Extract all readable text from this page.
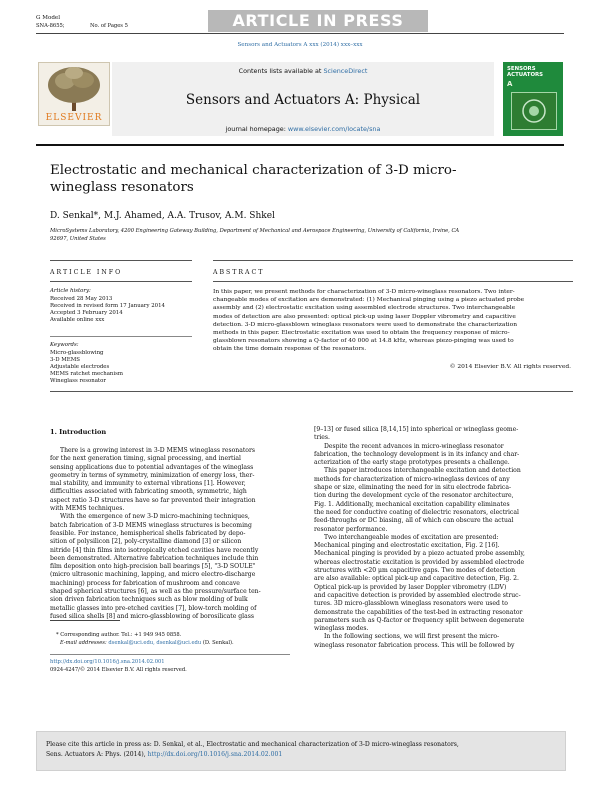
G Model
SNA-8655;	No. of Pages 5	ARTICLE IN PRESS
Sensors and Actuators A xxx (2014) xxx–xxx
ELSEVIER
Contents lists available at ScienceDirect
Sensors and Actuators A: Physical
journal homepage: www.elsevier.com/locate/sna
SENSORS ACTUATORS
A
Electrostatic and mechanical characterization of 3-D micro-wineglass resonators
D. Senkal*, M.J. Ahamed, A.A. Trusov, A.M. Shkel
MicroSystems Laboratory, 4200 Engineering Gateway Building, Department of Mechanical and Aerospace Engineering, University of California, Irvine, CA
92697, United States
ARTICLE INFO
Article history:
Received 28 May 2013
Received in revised form 17 January 2014
Accepted 3 February 2014
Available online xxx
Keywords:
Micro-glassblowing
3-D MEMS
Adjustable electrodes
MEMS ratchet mechanism
Wineglass resonator
ABSTRACT
In this paper, we present methods for characterization of 3-D micro-wineglass resonators. Two inter-
changeable modes of excitation are demonstrated: (1) Mechanical pinging using a piezo actuated probe
assembly and (2) electrostatic excitation using assembled electrode structures. Two interchangeable
modes of detection are also presented: optical pick-up using laser Doppler vibrometry and capacitive
detection. 3-D micro-glassblown wineglass resonators were used to demonstrate the characterization
methods in this paper. Electrostatic excitation was used to obtain the frequency response of micro-
glassblown resonators showing a Q-factor of 40 000 at 14.8 kHz, whereas piezo-pinging was used to
obtain the time domain response of the resonators.
© 2014 Elsevier B.V. All rights reserved.
1. Introduction
There is a growing interest in 3-D MEMS wineglass resonators
for the next generation timing, signal processing, and inertial
sensing applications due to potential advantages of the wineglass
geometry in terms of symmetry, minimization of energy loss, ther-
mal stability, and immunity to external vibrations [1]. However,
difficulties associated with fabricating smooth, symmetric, high
aspect ratio 3-D structures have so far prevented their integration
with MEMS techniques.
With the emergence of new 3-D micro-machining techniques,
batch fabrication of 3-D MEMS wineglass structures is becoming
feasible. For instance, hemispherical shells fabricated by depo-
sition of polysilicon [2], poly-crystalline diamond [3] or silicon
nitride [4] thin films into isotropically etched cavities have recently
been demonstrated. Alternative fabrication techniques include thin
film deposition onto high-precision ball bearings [5], "3-D SOULE"
(micro ultrasonic machining, lapping, and micro electro-discharge
machining) process for fabrication of mushroom and concave
shaped spherical structures [6], as well as the pressure/surface ten-
sion driven fabrication techniques such as blow molding of bulk
metallic glasses into pre-etched cavities [7], blow-torch molding of
fused silica shells [8] and micro-glassblowing of borosilicate glass
[9–13] or fused silica [8,14,15] into spherical or wineglass geome-
tries.
Despite the recent advances in micro-wineglass resonator
fabrication, the technology development is in its infancy and char-
acterization of the early stage prototypes presents a challenge.
This paper introduces interchangeable excitation and detection
methods for characterization of micro-wineglass devices of any
shape or size, eliminating the need for in situ electrode fabrica-
tion during the development cycle of the resonator architecture,
Fig. 1. Additionally, mechanical excitation capability eliminates
the need for conductive coating of dielectric resonators, electrical
feed-throughs or DC biasing, all of which can obscure the actual
resonator performance.
Two interchangeable modes of excitation are presented:
Mechanical pinging and electrostatic excitation, Fig. 2 [16].
Mechanical pinging is provided by a piezo actuated probe assembly,
whereas electrostatic excitation is provided by assembled electrode
structures with <20 μm capacitive gaps. Two modes of detection
are also available: optical pick-up and capacitive detection, Fig. 2.
Optical pick-up is provided by laser Doppler vibrometry (LDV)
and capacitive detection is provided by assembled electrode struc-
tures. 3D micro-glassblown wineglass resonators were used to
demonstrate the capabilities of the test-bed in extracting resonator
parameters such as Q-factor or frequency split between degenerate
wineglass modes.
In the following sections, we will first present the micro-
wineglass resonator fabrication process. This will be followed by
* Corresponding author. Tel.: +1 949 945 0858.
E-mail addresses: dsenkal@uci.edu, dsenkal@uci.edu (D. Senkal).
http://dx.doi.org/10.1016/j.sna.2014.02.001
0924-4247/© 2014 Elsevier B.V. All rights reserved.
Please cite this article in press as: D. Senkal, et al., Electrostatic and mechanical characterization of 3-D micro-wineglass resonators,
Sens. Actuators A: Phys. (2014), http://dx.doi.org/10.1016/j.sna.2014.02.001
